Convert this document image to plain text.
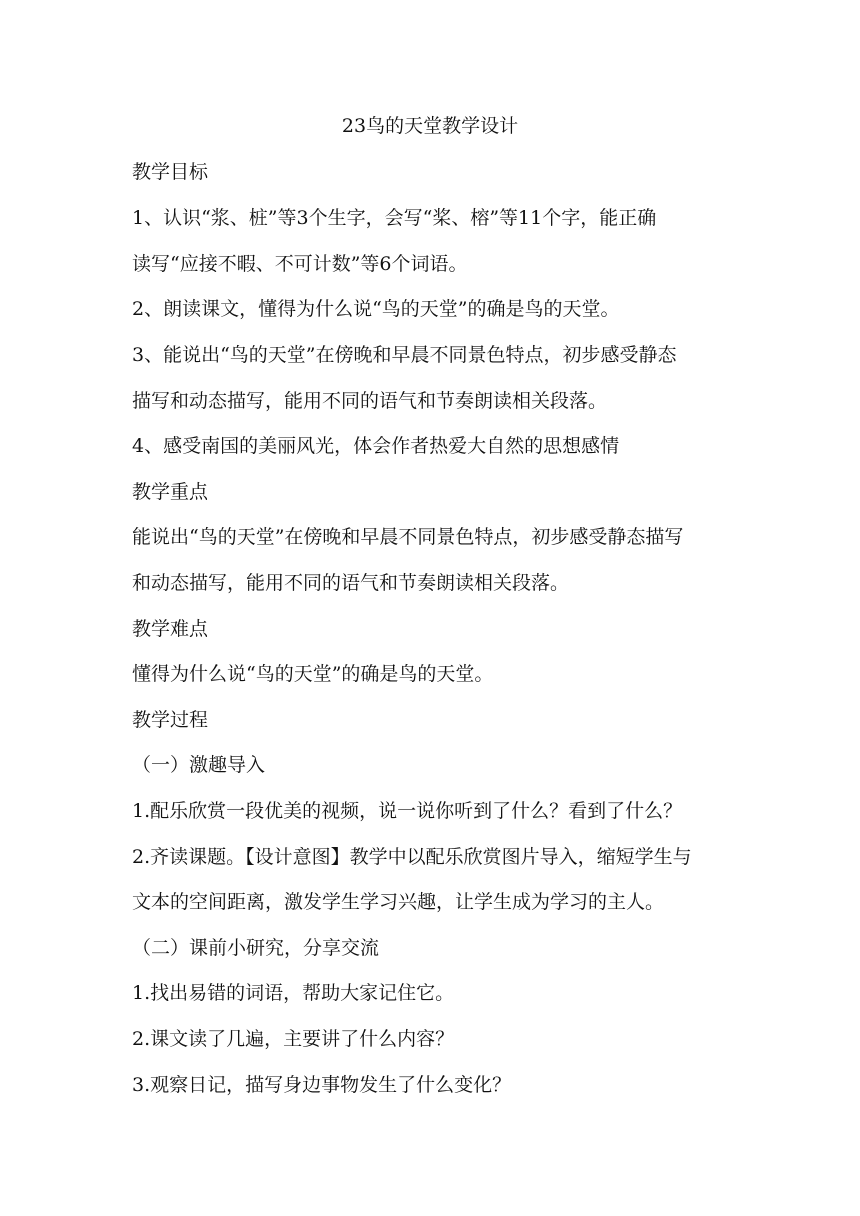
23鸟的天堂教学设计
教学目标
1、认识“浆、桩”等3个生字，会写“桨、榕”等11个字，能正确
读写“应接不暇、不可计数”等6个词语。
2、朗读课文，懂得为什么说“鸟的天堂”的确是鸟的天堂。
3、能说出“鸟的天堂”在傍晚和早晨不同景色特点，初步感受静态
描写和动态描写，能用不同的语气和节奏朗读相关段落。
4、感受南国的美丽风光，体会作者热爱大自然的思想感情
教学重点
能说出“鸟的天堂”在傍晚和早晨不同景色特点，初步感受静态描写
和动态描写，能用不同的语气和节奏朗读相关段落。
教学难点
懂得为什么说“鸟的天堂”的确是鸟的天堂。
教学过程
（一）激趣导入
1.配乐欣赏一段优美的视频，说一说你听到了什么？看到了什么？
2.齐读课题。【设计意图】教学中以配乐欣赏图片导入，缩短学生与
文本的空间距离，激发学生学习兴趣，让学生成为学习的主人。
（二）课前小研究，分享交流
1.找出易错的词语，帮助大家记住它。
2.课文读了几遍，主要讲了什么内容？
3.观察日记，描写身边事物发生了什么变化？
